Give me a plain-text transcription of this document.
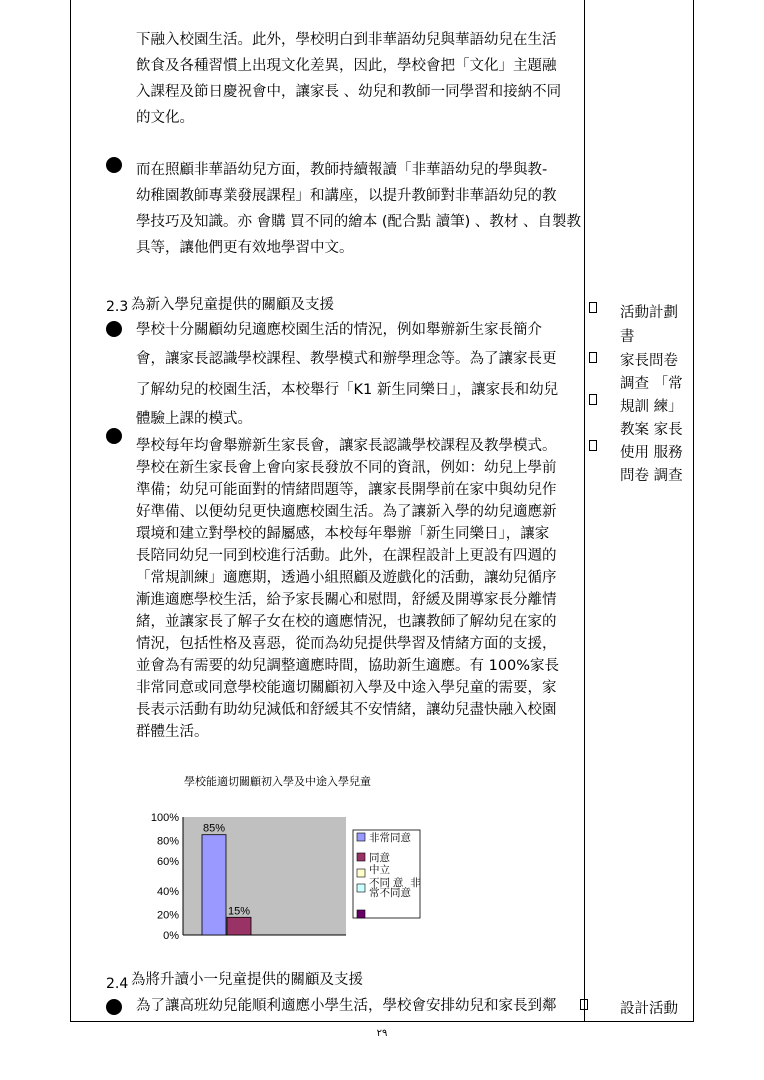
下融入校園生活。此外，學校明白到非華語幼兒與華語幼兒在生活
飲食及各種習慣上出現文化差異，因此，學校會把「文化」主題融
入課程及節日慶祝會中，讓家長 、幼兒和教師一同學習和接納不同
的文化。
而在照顧非華語幼兒方面，教師持續報讀「非華語幼兒的學與教-
幼稚園教師專業發展課程」和講座，以提升教師對非華語幼兒的教
學技巧及知識。亦 會購 買不同的繪本 (配合點 讀筆) 、教材 、自製教
具等，讓他們更有效地學習中文。
2.3 為新入學兒童提供的關顧及支援
學校十分關顧幼兒適應校園生活的情況，例如舉辦新生家長簡介
會，讓家長認識學校課程、教學模式和辦學理念等。為了讓家長更
了解幼兒的校園生活，本校舉行「K1 新生同樂日」，讓家長和幼兒
體驗上課的模式。
學校每年均會舉辦新生家長會，讓家長認識學校課程及教學模式。
學校在新生家長會上會向家長發放不同的資訊，例如：幼兒上學前
準備；幼兒可能面對的情緒問題等，讓家長開學前在家中與幼兒作
好準備、以便幼兒更快適應校園生活。為了讓新入學的幼兒適應新
環境和建立對學校的歸屬感，本校每年舉辦「新生同樂日」，讓家
長陪同幼兒一同到校進行活動。此外，在課程設計上更設有四週的
「常規訓練」適應期，透過小組照顧及遊戲化的活動，讓幼兒循序
漸進適應學校生活，給予家長關心和慰問，舒緩及開導家長分離情
緒，並讓家長了解子女在校的適應情況，也讓教師了解幼兒在家的
情況，包括性格及喜惡，從而為幼兒提供學習及情緒方面的支援，
並會為有需要的幼兒調整適應時間，協助新生適應。有 100%家長
非常同意或同意學校能適切關顧初入學及中途入學兒童的需要，家
長表示活動有助幼兒減低和舒緩其不安情緒，讓幼兒盡快融入校園
群體生活。
活動計劃
書
家長問卷
調查 「常
規訓 練」
教案 家長
使用 服務
問卷 調查
學校能適切關顧初入學及中途入學兒童
100%
80%
60%
40%
20%
0%
85%
15%
非常同意
同意
中立
不同 意 非
常不同意
2.4 為將升讀小一兒童提供的關顧及支援
為了讓高班幼兒能順利適應小學生活，學校會安排幼兒和家長到鄰	設計活動
٢٩
